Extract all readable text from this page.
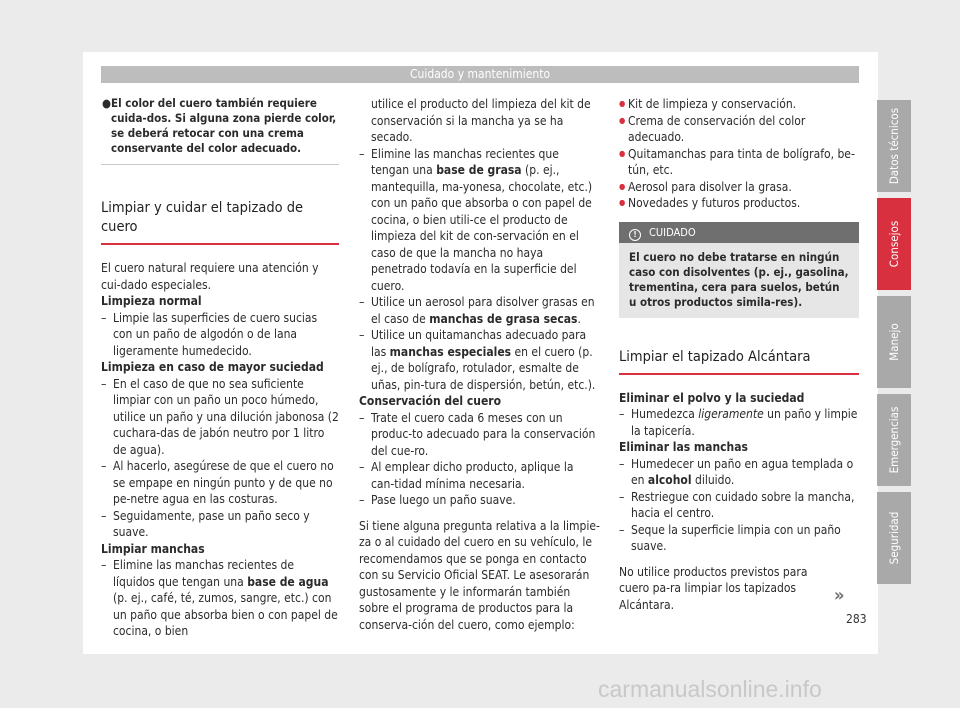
Cuidado y mantenimiento

● El color del cuero también requiere cuida-dos. Si alguna zona pierde color, se deberá retocar con una crema conservante del color adecuado.

Limpiar y cuidar el tapizado de cuero

El cuero natural requiere una atención y cui-dado especiales.

Limpieza normal

– Limpie las superficies de cuero sucias con un paño de algodón o de lana ligeramente humedecido.

Limpieza en caso de mayor suciedad

– En el caso de que no sea suficiente limpiar con un paño un poco húmedo, utilice un paño y una dilución jabonosa (2 cuchara-das de jabón neutro por 1 litro de agua).

– Al hacerlo, asegúrese de que el cuero no se empape en ningún punto y de que no pe-netre agua en las costuras.

– Seguidamente, pase un paño seco y suave.

Limpiar manchas

– Elimine las manchas recientes de líquidos que tengan una base de agua (p. ej., café, té, zumos, sangre, etc.) con un paño que absorba bien o con papel de cocina, o bien

utilice el producto del limpieza del kit de conservación si la mancha ya se ha secado.

– Elimine las manchas recientes que tengan una base de grasa (p. ej., mantequilla, ma-yonesa, chocolate, etc.) con un paño que absorba o con papel de cocina, o bien utili-ce el producto de limpieza del kit de con-servación en el caso de que la mancha no haya penetrado todavía en la superficie del cuero.

– Utilice un aerosol para disolver grasas en el caso de manchas de grasa secas.

– Utilice un quitamanchas adecuado para las manchas especiales en el cuero (p. ej., de bolígrafo, rotulador, esmalte de uñas, pin-tura de dispersión, betún, etc.).

Conservación del cuero

– Trate el cuero cada 6 meses con un produc-to adecuado para la conservación del cue-ro.

– Al emplear dicho producto, aplique la can-tidad mínima necesaria.

– Pase luego un paño suave.

Si tiene alguna pregunta relativa a la limpie-za o al cuidado del cuero en su vehículo, le recomendamos que se ponga en contacto con su Servicio Oficial SEAT. Le asesorarán gustosamente y le informarán también sobre el programa de productos para la conserva-ción del cuero, como ejemplo:

● Kit de limpieza y conservación.

● Crema de conservación del color adecuado.

● Quitamanchas para tinta de bolígrafo, be-tún, etc.

● Aerosol para disolver la grasa.

● Novedades y futuros productos.

! CUIDADO
El cuero no debe tratarse en ningún caso con disolventes (p. ej., gasolina, trementina, cera para suelos, betún u otros productos simila-res).
Limpiar el tapizado Alcántara

Eliminar el polvo y la suciedad

– Humedezca ligeramente un paño y limpie la tapicería.

Eliminar las manchas

– Humedecer un paño en agua templada o en alcohol diluido.

– Restriegue con cuidado sobre la mancha, hacia el centro.

– Seque la superficie limpia con un paño suave.

No utilice productos previstos para cuero pa-ra limpiar los tapizados Alcántara.

Datos técnicos
Consejos
Manejo
Emergencias
Seguridad
»
283
carmanualsonline.info
